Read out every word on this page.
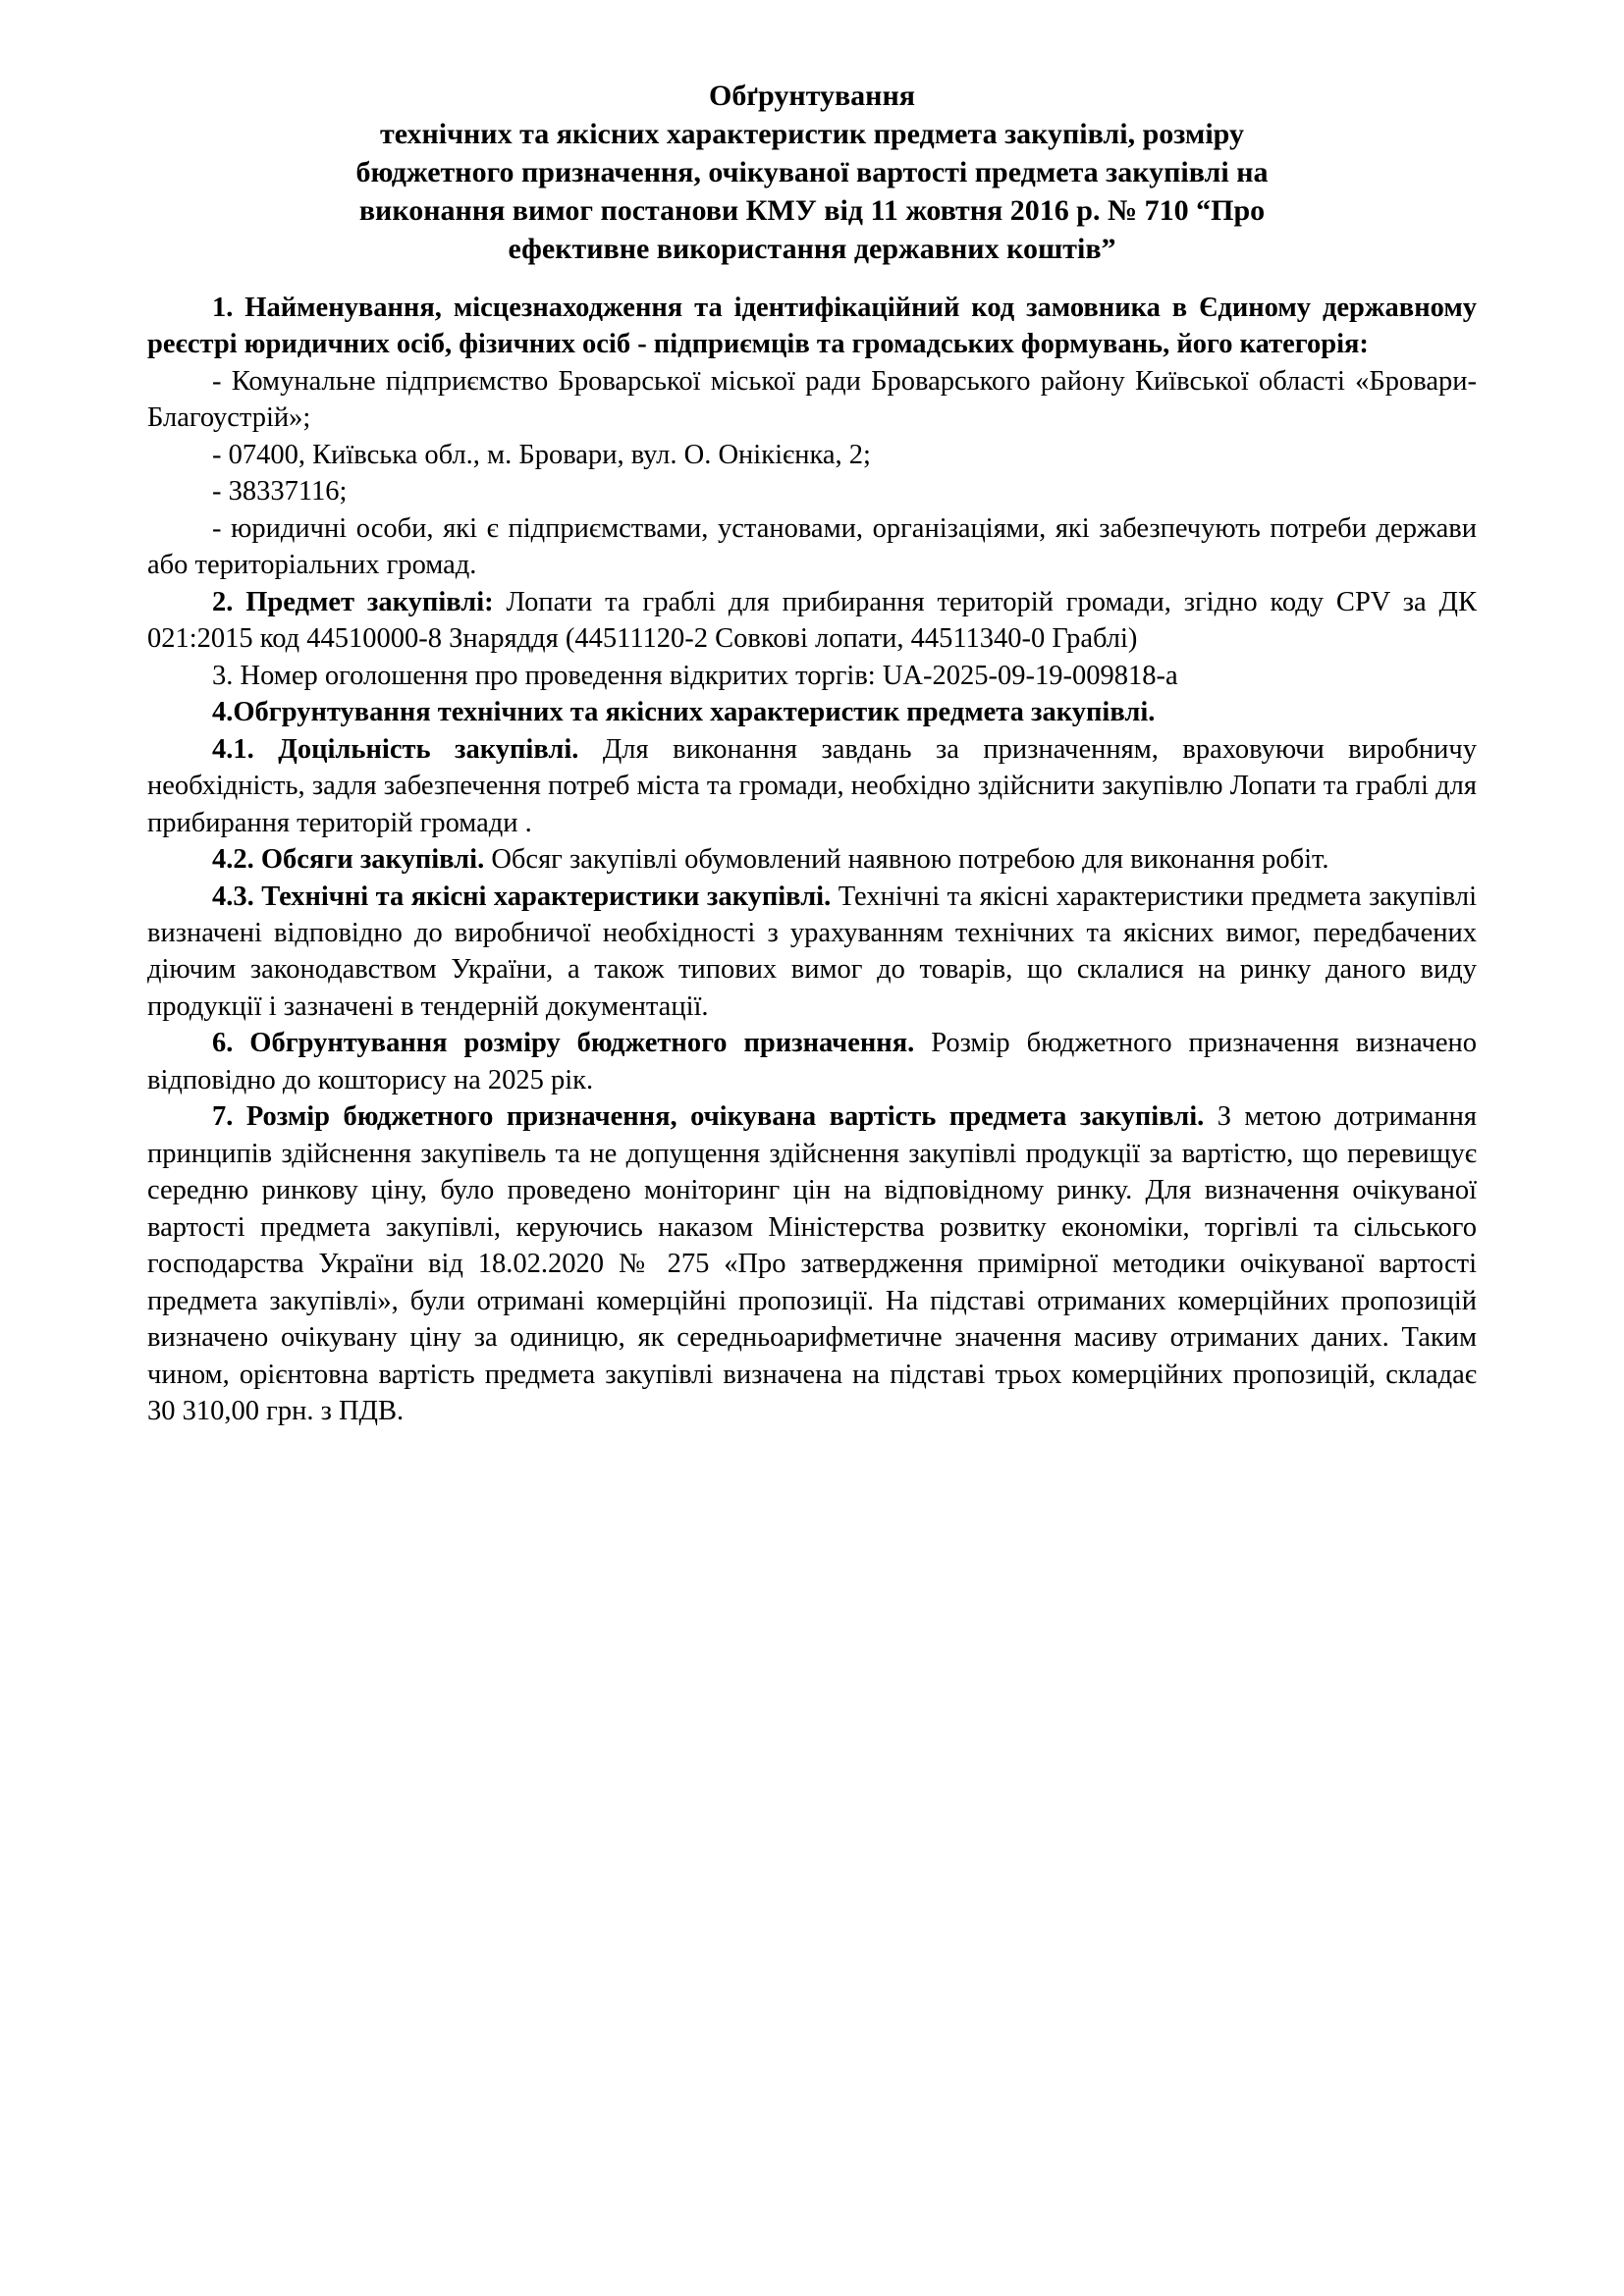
Обґрунтування
технічних та якісних характеристик предмета закупівлі, розміру
бюджетного призначення, очікуваної вартості предмета закупівлі на
виконання вимог постанови КМУ від 11 жовтня 2016 р. № 710 “Про
ефективне використання державних коштів”

1. Найменування, місцезнаходження та ідентифікаційний код замовника в Єдиному державному реєстрі юридичних осіб, фізичних осіб - підприємців та громадських формувань, його категорія:

- Комунальне підприємство Броварської міської ради Броварського району Київської області «Бровари-Благоустрій»;

- 07400, Київська обл., м. Бровари, вул. О. Онікієнка, 2;

- 38337116;

- юридичні особи, які є підприємствами, установами, організаціями, які забезпечують потреби держави або територіальних громад.

2. Предмет закупівлі: Лопати та граблі для прибирання територій громади, згідно коду CPV за ДК 021:2015 код 44510000-8 Знаряддя (44511120-2 Совкові лопати, 44511340-0 Граблі)

3. Номер оголошення про проведення відкритих торгів: UA-2025-09-19-009818-a

4.Обгрунтування технічних та якісних характеристик предмета закупівлі.

4.1. Доцільність закупівлі. Для виконання завдань за призначенням, враховуючи виробничу необхідність, задля забезпечення потреб міста та громади, необхідно здійснити закупівлю Лопати та граблі для прибирання територій громади .

4.2. Обсяги закупівлі. Обсяг закупівлі обумовлений наявною потребою для виконання робіт.

4.3. Технічні та якісні характеристики закупівлі. Технічні та якісні характеристики предмета закупівлі визначені відповідно до виробничої необхідності з урахуванням технічних та якісних вимог, передбачених діючим законодавством України, а також типових вимог до товарів, що склалися на ринку даного виду продукції і зазначені в тендерній документації.

6. Обгрунтування розміру бюджетного призначення. Розмір бюджетного призначення визначено відповідно до кошторису на 2025 рік.

7. Розмір бюджетного призначення, очікувана вартість предмета закупівлі. З метою дотримання принципів здійснення закупівель та не допущення здійснення закупівлі продукції за вартістю, що перевищує середню ринкову ціну, було проведено моніторинг цін на відповідному ринку. Для визначення очікуваної вартості предмета закупівлі, керуючись наказом Міністерства розвитку економіки, торгівлі та сільського господарства України від 18.02.2020 № 275 «Про затвердження примірної методики очікуваної вартості предмета закупівлі», були отримані комерційні пропозиції. На підставі отриманих комерційних пропозицій визначено очікувану ціну за одиницю, як середньоарифметичне значення масиву отриманих даних. Таким чином, орієнтовна вартість предмета закупівлі визначена на підставі трьох комерційних пропозицій, складає 30 310,00 грн. з ПДВ.
